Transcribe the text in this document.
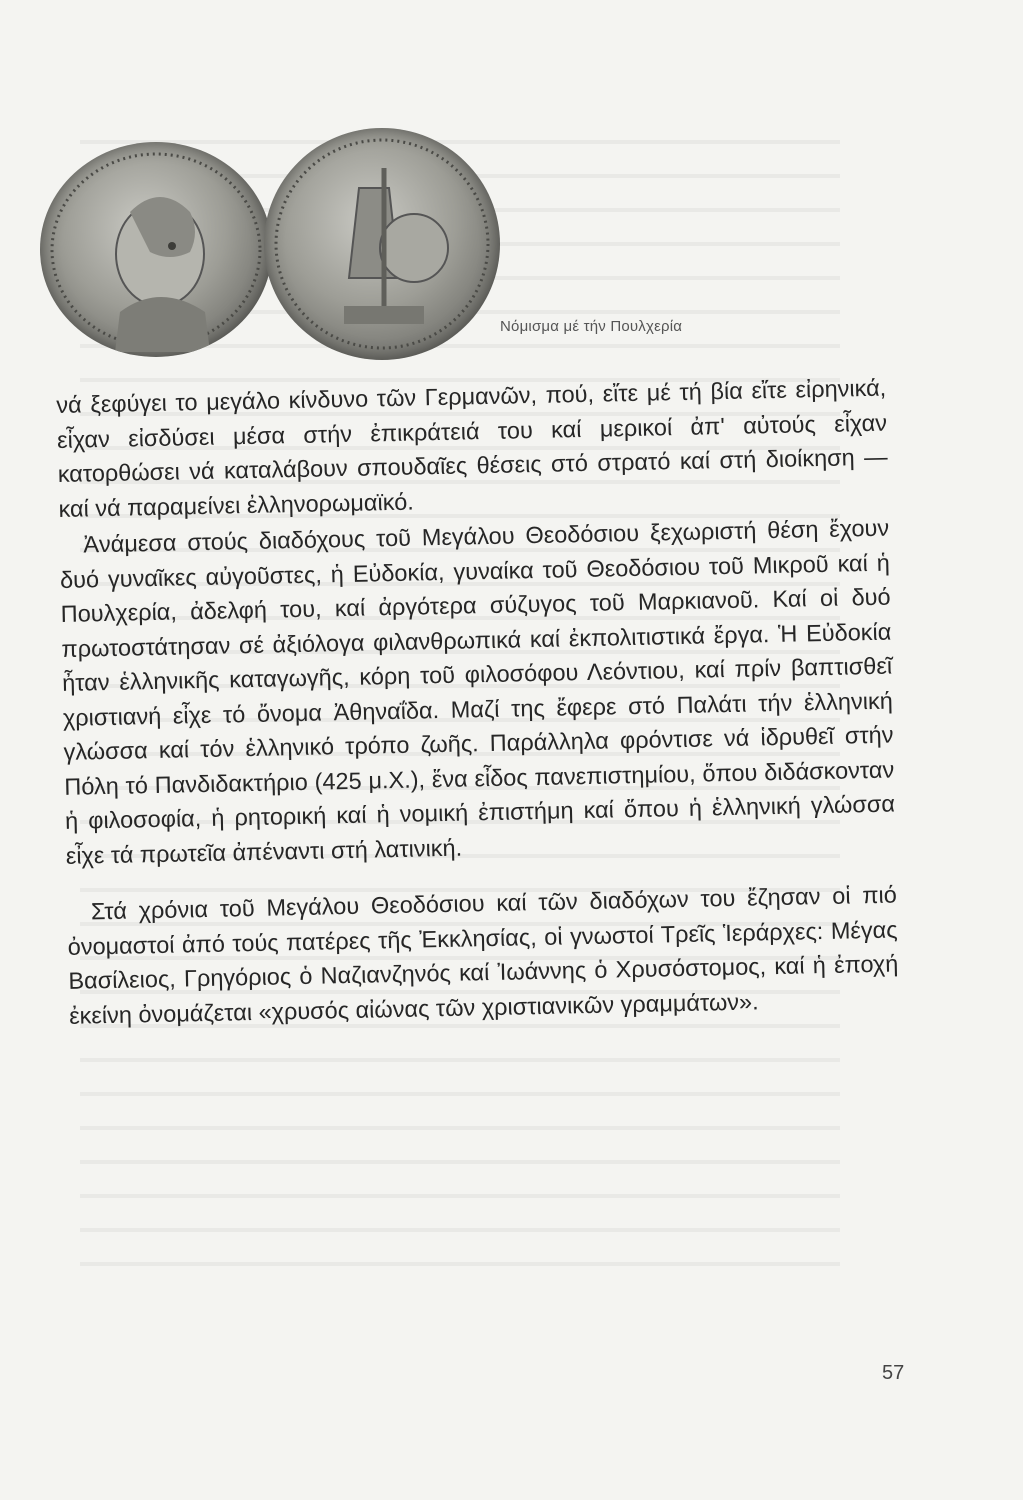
Νόμισμα μέ τήν Πουλχερία

νά ξεφύγει το μεγάλο κίνδυνο τῶν Γερμανῶν, πού, εἴτε μέ τή βία εἴτε εἰρηνικά, εἶχαν εἰσδύσει μέσα στήν ἐπικράτειά του καί μερικοί ἀπ' αὐτούς εἶχαν κατορθώσει νά καταλάβουν σπουδαῖες θέσεις στό στρατό καί στή διοίκηση — καί νά παραμείνει ἐλληνορωμαϊκό.

Ἀνάμεσα στούς διαδόχους τοῦ Μεγάλου Θεοδόσιου ξεχωριστή θέση ἔχουν δυό γυναῖκες αὐγοῦστες, ἡ Εὐδοκία, γυναίκα τοῦ Θεοδόσιου τοῦ Μικροῦ καί ἡ Πουλχερία, ἀδελφή του, καί ἀργότερα σύζυγος τοῦ Μαρκιανοῦ. Καί οἱ δυό πρωτοστάτησαν σέ ἀξιόλογα φιλανθρωπικά καί ἐκπολιτιστικά ἔργα. Ἡ Εὐδοκία ἦταν ἑλληνικῆς καταγωγῆς, κόρη τοῦ φιλοσόφου Λεόντιου, καί πρίν βαπτισθεῖ χριστιανή εἶχε τό ὄνομα Ἀθηναΐδα. Μαζί της ἔφερε στό Παλάτι τήν ἑλληνική γλώσσα καί τόν ἑλληνικό τρόπο ζωῆς. Παράλληλα φρόντισε νά ἱδρυθεῖ στήν Πόλη τό Πανδιδακτήριο (425 μ.Χ.), ἕνα εἶδος πανεπιστημίου, ὅπου διδάσκονταν ἡ φιλοσοφία, ἡ ρητορική καί ἡ νομική ἐπιστήμη καί ὅπου ἡ ἑλληνική γλώσσα εἶχε τά πρωτεῖα ἀπέναντι στή λατινική.

Στά χρόνια τοῦ Μεγάλου Θεοδόσιου καί τῶν διαδόχων του ἔζησαν οἱ πιό ὀνομαστοί ἀπό τούς πατέρες τῆς Ἐκκλησίας, οἱ γνωστοί Τρεῖς Ἱεράρχες: Μέγας Βασίλειος, Γρηγόριος ὁ Ναζιανζηνός καί Ἰωάννης ὁ Χρυσόστομος, καί ἡ ἐποχή ἐκείνη ὀνομάζεται «χρυσός αἰώνας τῶν χριστιανικῶν γραμμάτων».

57
